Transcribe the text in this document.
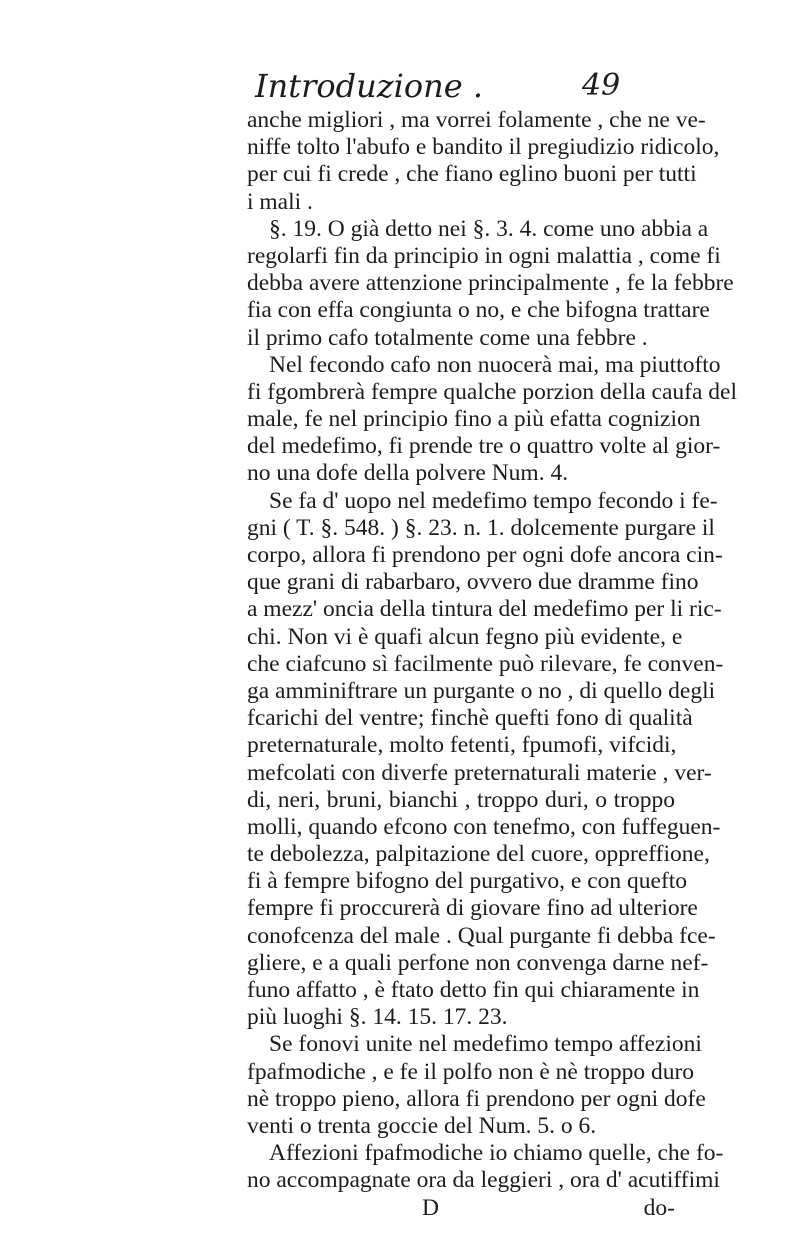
Introduzione .	49
anche migliori , ma vorrei folamente , che ne ve-
niffe tolto l'abufo e bandito il pregiudizio ridicolo,
per cui fi crede , che fiano eglino buoni per tutti
i mali .
§. 19. O già detto nei §. 3. 4. come uno abbia a
regolarfi fin da principio in ogni malattia , come fi
debba avere attenzione principalmente , fe la febbre
fia con effa congiunta o no, e che bifogna trattare
il primo cafo totalmente come una febbre .
Nel fecondo cafo non nuocerà mai, ma piuttofto
fi fgombrerà fempre qualche porzion della caufa del
male, fe nel principio fino a più efatta cognizion
del medefimo, fi prende tre o quattro volte al gior-
no una dofe della polvere Num. 4.
Se fa d' uopo nel medefimo tempo fecondo i fe-
gni ( T. §. 548. ) §. 23. n. 1. dolcemente purgare il
corpo, allora fi prendono per ogni dofe ancora cin-
que grani di rabarbaro, ovvero due dramme fino
a mezz' oncia della tintura del medefimo per li ric-
chi. Non vi è quafi alcun fegno più evidente, e
che ciafcuno sì facilmente può rilevare, fe conven-
ga amminiftrare un purgante o no , di quello degli
fcarichi del ventre; finchè quefti fono di qualità
preternaturale, molto fetenti, fpumofi, vifcidi,
mefcolati con diverfe preternaturali materie , ver-
di, neri, bruni, bianchi , troppo duri, o troppo
molli, quando efcono con tenefmo, con fuffeguen-
te debolezza, palpitazione del cuore, oppreffione,
fi à fempre bifogno del purgativo, e con quefto
fempre fi proccurerà di giovare fino ad ulteriore
conofcenza del male . Qual purgante fi debba fce-
gliere, e a quali perfone non convenga darne nef-
funo affatto , è ftato detto fin qui chiaramente in
più luoghi §. 14. 15. 17. 23.
Se fonovi unite nel medefimo tempo affezioni
fpafmodiche , e fe il polfo non è nè troppo duro
nè troppo pieno, allora fi prendono per ogni dofe
venti o trenta goccie del Num. 5. o 6.
Affezioni fpafmodiche io chiamo quelle, che fo-
no accompagnate ora da leggieri , ora d' acutiffimi
D	do-
